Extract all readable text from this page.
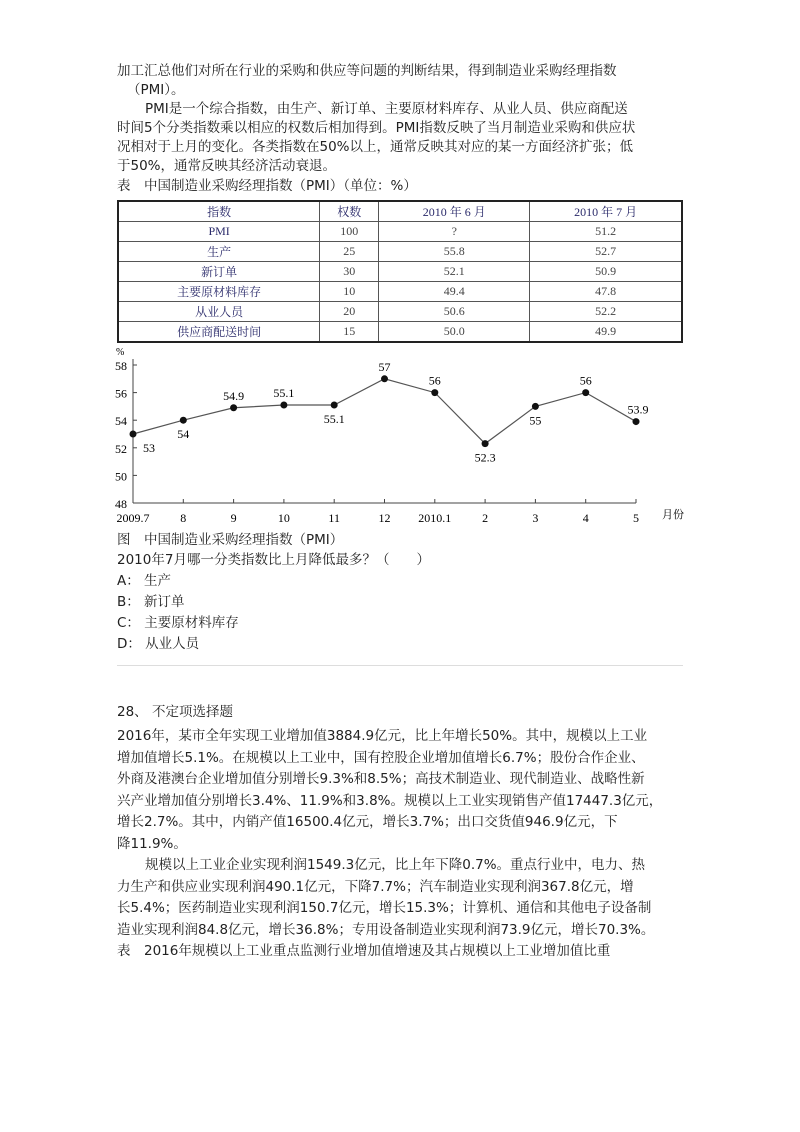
加工汇总他们对所在行业的采购和供应等问题的判断结果，得到制造业采购经理指数
（PMI）。
PMI是一个综合指数，由生产、新订单、主要原材料库存、从业人员、供应商配送
时间5个分类指数乘以相应的权数后相加得到。PMI指数反映了当月制造业采购和供应状
况相对于上月的变化。各类指数在50%以上，通常反映其对应的某一方面经济扩张；低
于50%，通常反映其经济活动衰退。
表　中国制造业采购经理指数（PMI）（单位：%）
指数	权数	2010 年 6 月	2010 年 7 月
PMI	100	?	51.2
生产	25	55.8	52.7
新订单	30	52.1	50.9
主要原材料库存	10	49.4	47.8
从业人员	20	50.6	52.2
供应商配送时间	15	50.0	49.9
%
48
50
52
54
56
58
2009.7	8	9	10	11	12 2010.1	2	3	4	5 月份
53
54
54.9 55.1
55.1
57
56
52.3
55
56
53.9
图　中国制造业采购经理指数（PMI）
2010年7月哪一分类指数比上月降低最多？（　　）
A： 生产
B： 新订单
C： 主要原材料库存
D： 从业人员
28、 不定项选择题
2016年，某市全年实现工业增加值3884.9亿元，比上年增长50%。其中，规模以上工业
增加值增长5.1%。在规模以上工业中，国有控股企业增加值增长6.7%；股份合作企业、
外商及港澳台企业增加值分别增长9.3%和8.5%；高技术制造业、现代制造业、战略性新
兴产业增加值分别增长3.4%、11.9%和3.8%。规模以上工业实现销售产值17447.3亿元，
增长2.7%。其中，内销产值16500.4亿元，增长3.7%；出口交货值946.9亿元，下
降11.9%。
规模以上工业企业实现利润1549.3亿元，比上年下降0.7%。重点行业中，电力、热
力生产和供应业实现利润490.1亿元，下降7.7%；汽车制造业实现利润367.8亿元，增
长5.4%；医药制造业实现利润150.7亿元，增长15.3%；计算机、通信和其他电子设备制
造业实现利润84.8亿元，增长36.8%；专用设备制造业实现利润73.9亿元，增长70.3%。
表　2016年规模以上工业重点监测行业增加值增速及其占规模以上工业增加值比重
